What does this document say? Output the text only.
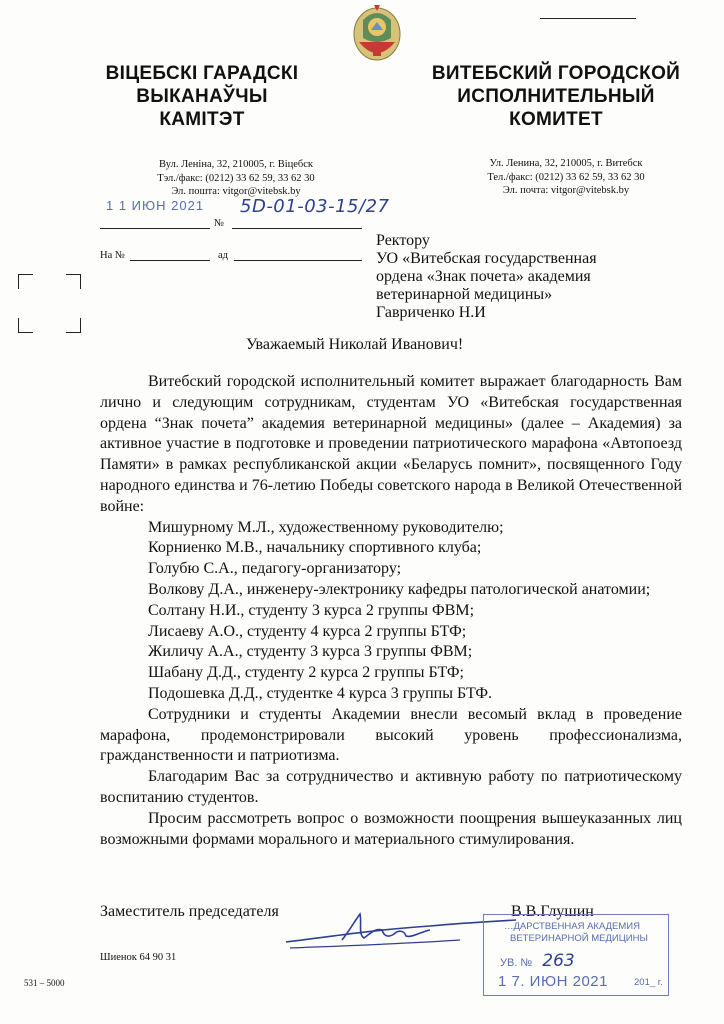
ВІЦЕБСКІ ГАРАДСКІ
ВЫКАНАЎЧЫ
КАМІТЭТ
ВИТЕБСКИЙ ГОРОДСКОЙ
ИСПОЛНИТЕЛЬНЫЙ
КОМИТЕТ
Вул. Леніна, 32, 210005, г. Віцебск
Тэл./факс: (0212) 33 62 59, 33 62 30
Эл. пошта: vitgor@vitebsk.by
Ул. Ленина, 32, 210005, г. Витебск
Тел./факс: (0212) 33 62 59, 33 62 30
Эл. почта: vitgor@vitebsk.by
1 1 ИЮН 2021
№
5D-01-03-15/27
На №	ад
Ректору
УО «Витебская государственная
ордена «Знак почета» академия
ветеринарной медицины»
Гавриченко Н.И
Уважаемый Николай Иванович!

Витебский городской исполнительный комитет выражает благодарность Вам лично и следующим сотрудникам, студентам УО «Витебская государственная ордена “Знак почета” академия ветеринарной медицины» (далее – Академия) за активное участие в подготовке и проведении патриотического марафона «Автопоезд Памяти» в рамках республиканской акции «Беларусь помнит», посвященного Году народного единства и 76-летию Победы советского народа в Великой Отечественной войне:

Мишурному М.Л., художественному руководителю;
Корниенко М.В., начальнику спортивного клуба;
Голубю С.А., педагогу-организатору;
Волкову Д.А., инженеру-электронику кафедры патологической анатомии;
Солтану Н.И., студенту 3 курса 2 группы ФВМ;
Лисаеву А.О., студенту 4 курса 2 группы БТФ;
Жиличу А.А., студенту 3 курса 3 группы ФВМ;
Шабану Д.Д., студенту 2 курса 2 группы БТФ;
Подошевка Д.Д., студентке 4 курса 3 группы БТФ.

Сотрудники и студенты Академии внесли весомый вклад в проведение марафона, продемонстрировали высокий уровень профессионализма, гражданственности и патриотизма.

Благодарим Вас за сотрудничество и активную работу по патриотическому воспитанию студентов.

Просим рассмотреть вопрос о возможности поощрения вышеуказанных лиц возможными формами морального и материального стимулирования.

Заместитель председателя	В.В.Глушин
Шиенок 64 90 31
531 – 5000
…ДАРСТВЕННАЯ АКАДЕМИЯ
ВЕТЕРИНАРНОЙ МЕДИЦИНЫ
УВ. № 263
1 7. ИЮН 2021	201_ г.
